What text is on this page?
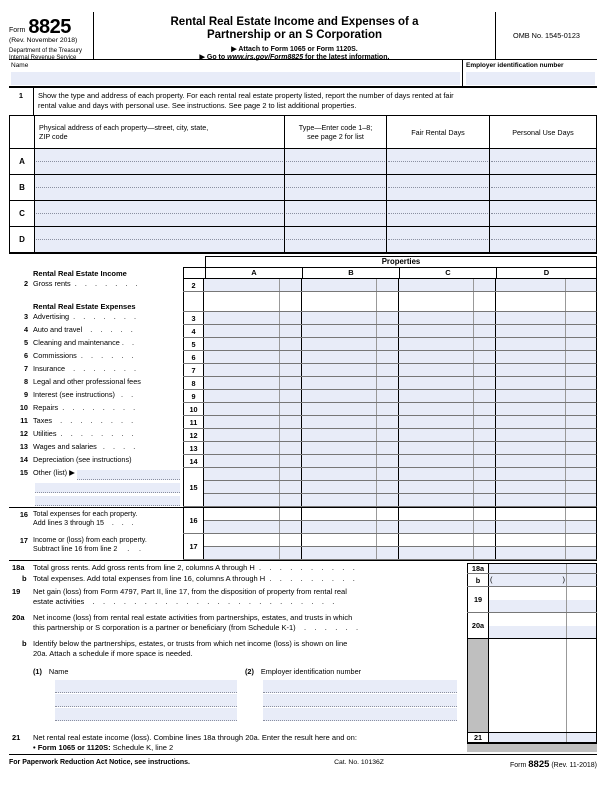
Form 8825
(Rev. November 2018)
Department of the Treasury
Internal Revenue Service
Rental Real Estate Income and Expenses of a
Partnership or an S Corporation
▶ Attach to Form 1065 or Form 1120S.
▶ Go to www.irs.gov/Form8825 for the latest information.
OMB No. 1545-0123
Name	Employer identification number
1	Show the type and address of each property. For each rental real estate property listed, report the number of days rented at fair
rental value and days with personal use. See instructions. See page 2 to list additional properties.
Physical address of each property—street, city, state,
ZIP code
Type—Enter code 1–8;
see page 2 for list	Fair Rental Days	Personal Use Days
A
B
C
D
Properties
Rental Real Estate Income	A	B	C	D
2 Gross rents  .    .    .    .    .    .    .	2
Rental Real Estate Expenses
3 Advertising  .    .    .    .    .    .    .	3
4 Auto and travel    .    .    .    .    .	4
5 Cleaning and maintenance .    .	5
6 Commissions  .    .    .    .    .    .	6
7 Insurance    .    .    .    .    .    .    .	7
8 Legal and other professional fees	8
9 Interest (see instructions)   .    .	9
10 Repairs  .    .    .    .    .    .    .    .	10
11 Taxes    .    .    .    .    .    .    .    .	11
12 Utilities  .    .    .    .    .    .    .    .	12
13 Wages and salaries   .    .    .    .	13
14 Depreciation (see instructions)	14
15 Other (list) ▶
15
16 Total expenses for each property.
Add lines 3 through 15    .    .    .	16
17 Income or (loss) from each property.
Subtract line 16 from line 2     .     .	17
18a	Total gross rents. Add gross rents from line 2, columns A through H  .    .    .    .    .    .    .    .    .    .	18a
b Total expenses. Add total expenses from line 16, columns A through H  .    .    .    .    .    .    .    .    .	b	(	)
19	Net gain (loss) from Form 4797, Part II, line 17, from the disposition of property from rental real
estate activities    .    .    .    .    .    .    .    .    .    .    .    .    .    .    .    .    .    .    .    .    .    .    .    .	19
20a	Net income (loss) from rental real estate activities from partnerships, estates, and trusts in which
this partnership or S corporation is a partner or beneficiary (from Schedule K-1)    .    .    .    .    .    .	20a
b Identify below the partnerships, estates, or trusts from which net income (loss) is shown on line
20a. Attach a schedule if more space is needed.
(1) Name	(2) Employer identification number
21	Net rental real estate income (loss). Combine lines 18a through 20a. Enter the result here and on:	21
• Form 1065 or 1120S: Schedule K, line 2
For Paperwork Reduction Act Notice, see instructions.	Cat. No. 10136Z	Form 8825 (Rev. 11-2018)
